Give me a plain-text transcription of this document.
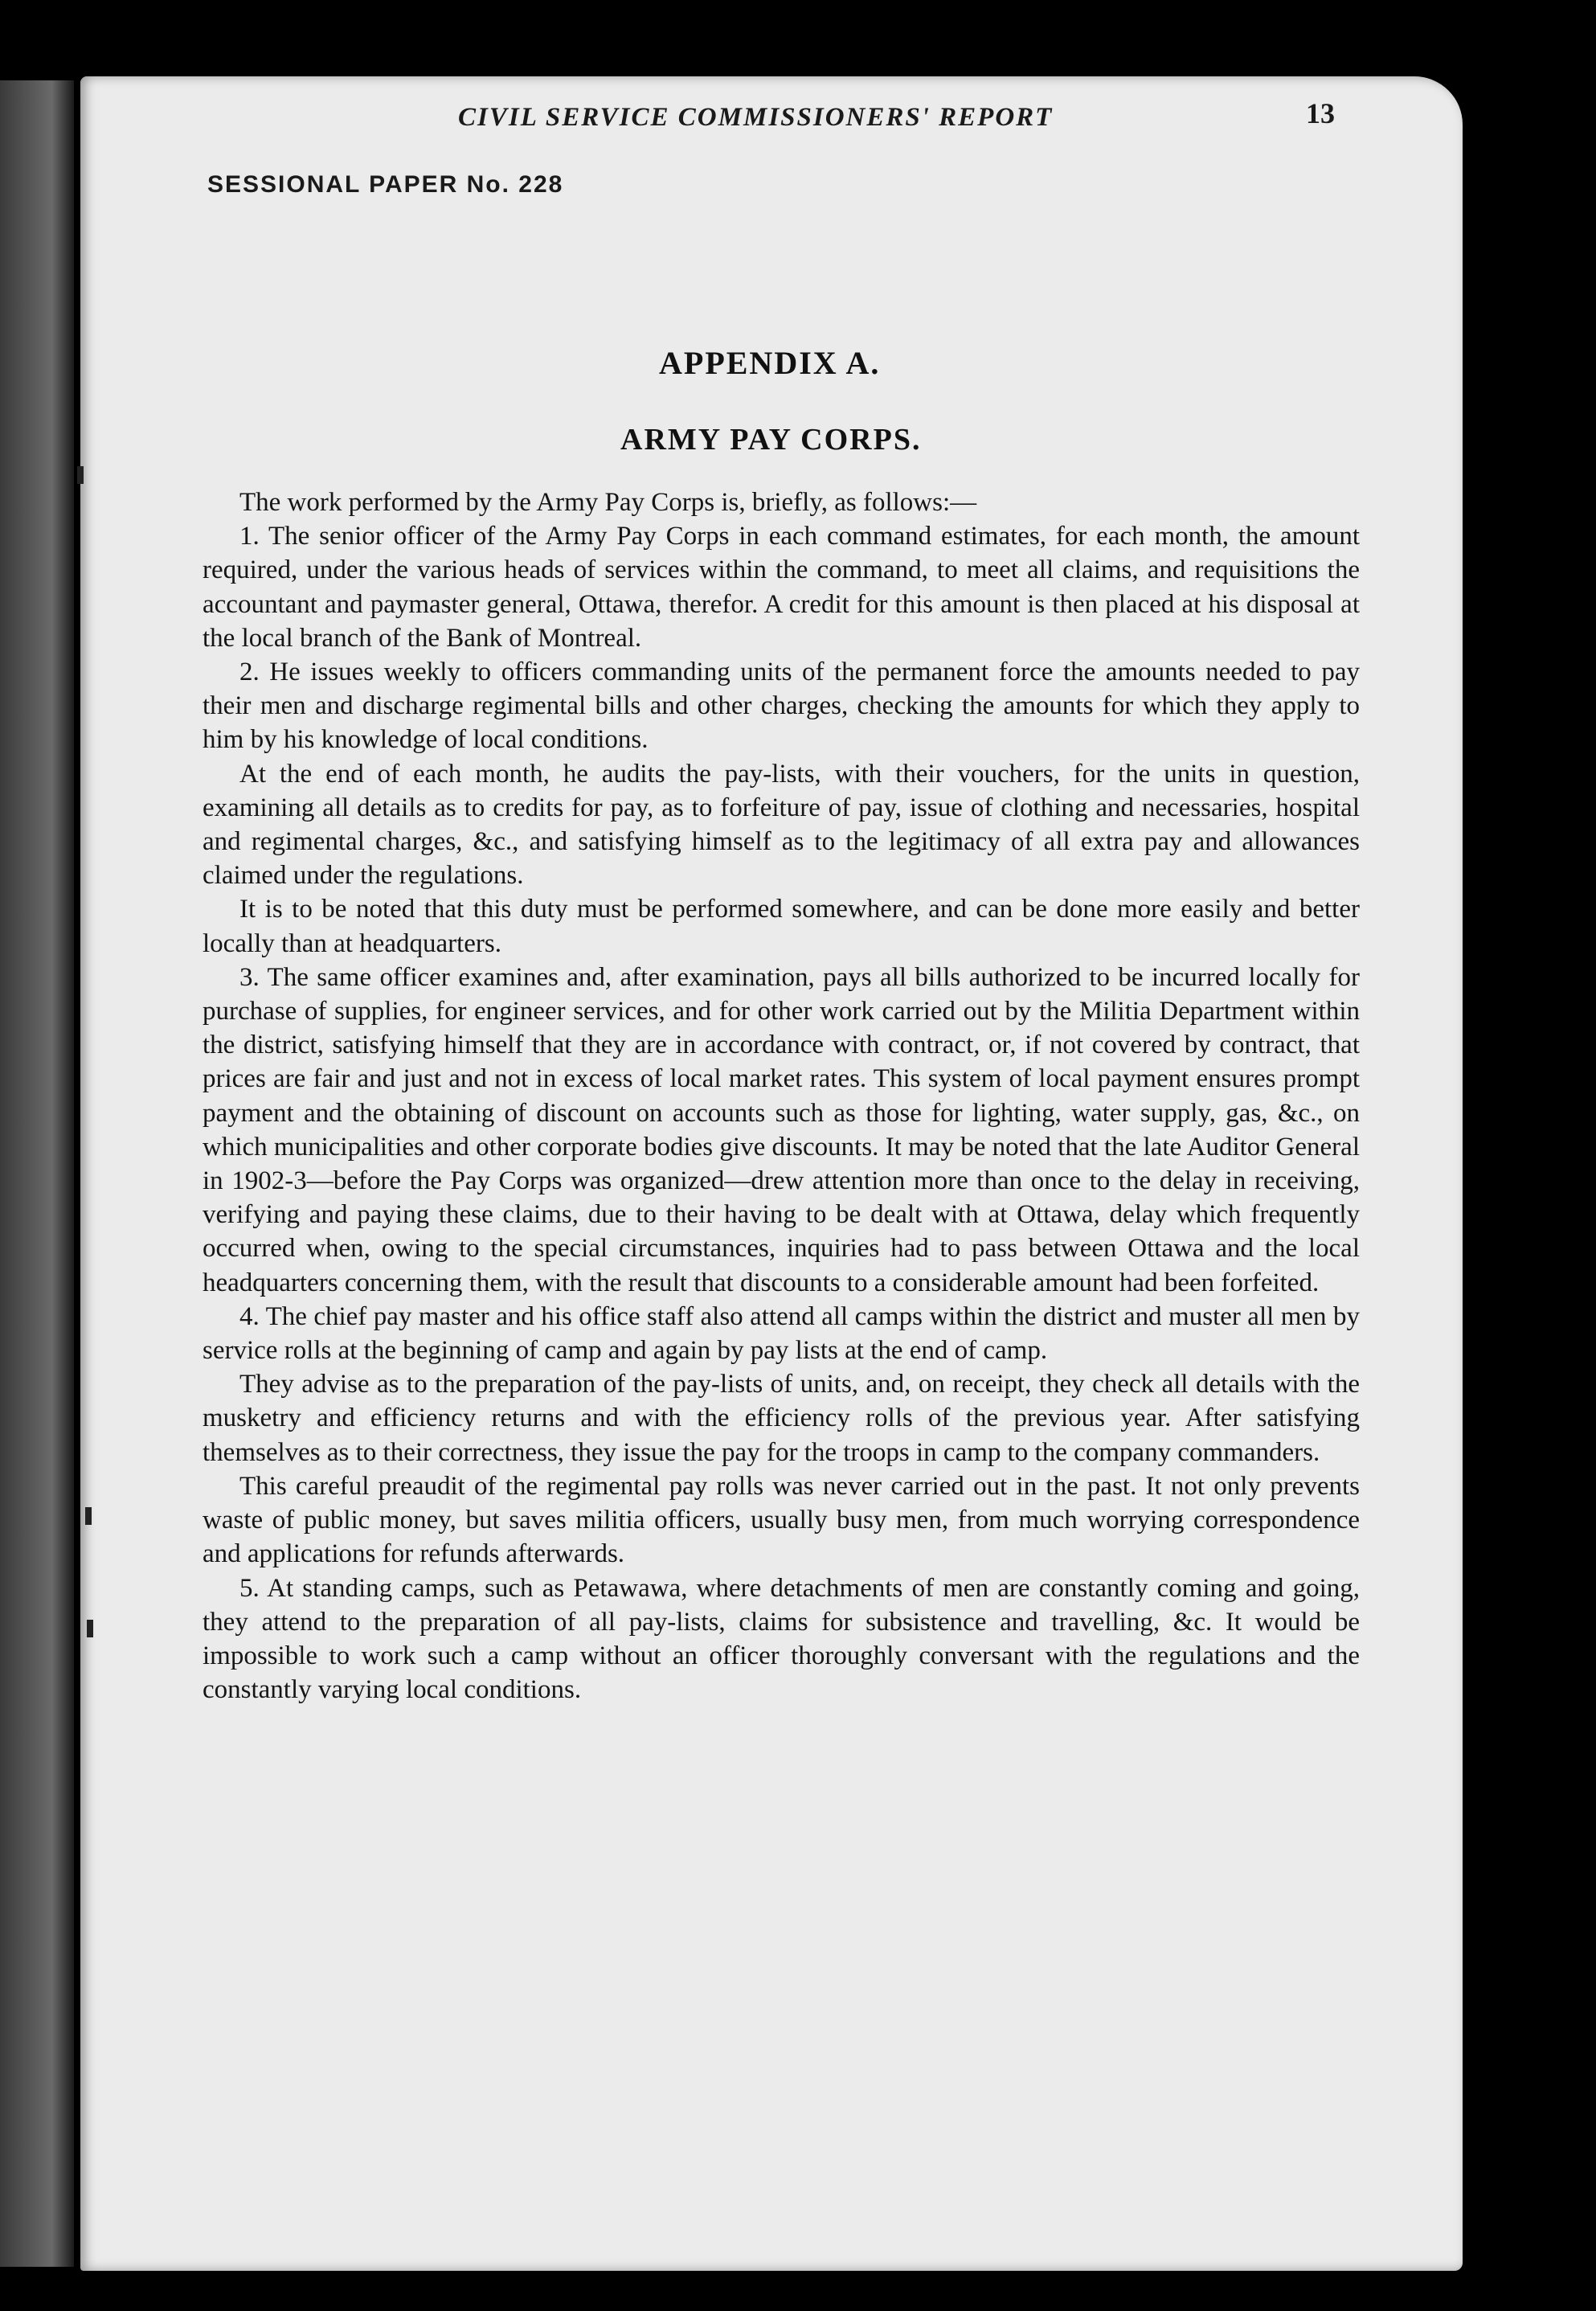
CIVIL SERVICE COMMISSIONERS' REPORT	13
SESSIONAL PAPER No. 228
APPENDIX A.
ARMY PAY CORPS.

The work performed by the Army Pay Corps is, briefly, as follows:—

1. The senior officer of the Army Pay Corps in each command estimates, for each month, the amount required, under the various heads of services within the command, to meet all claims, and requisitions the accountant and paymaster general, Ottawa, therefor. A credit for this amount is then placed at his disposal at the local branch of the Bank of Montreal.

2. He issues weekly to officers commanding units of the permanent force the amounts needed to pay their men and discharge regimental bills and other charges, checking the amounts for which they apply to him by his knowledge of local conditions.

At the end of each month, he audits the pay-lists, with their vouchers, for the units in question, examining all details as to credits for pay, as to forfeiture of pay, issue of clothing and necessaries, hospital and regimental charges, &c., and satisfying himself as to the legitimacy of all extra pay and allowances claimed under the regulations.

It is to be noted that this duty must be performed somewhere, and can be done more easily and better locally than at headquarters.

3. The same officer examines and, after examination, pays all bills authorized to be incurred locally for purchase of supplies, for engineer services, and for other work carried out by the Militia Department within the district, satisfying himself that they are in accordance with contract, or, if not covered by contract, that prices are fair and just and not in excess of local market rates. This system of local payment ensures prompt payment and the obtaining of discount on accounts such as those for lighting, water supply, gas, &c., on which municipalities and other corporate bodies give discounts. It may be noted that the late Auditor General in 1902-3—before the Pay Corps was organized—drew attention more than once to the delay in receiving, verifying and paying these claims, due to their having to be dealt with at Ottawa, delay which frequently occurred when, owing to the special circumstances, inquiries had to pass between Ottawa and the local headquarters concerning them, with the result that discounts to a considerable amount had been forfeited.

4. The chief pay master and his office staff also attend all camps within the district and muster all men by service rolls at the beginning of camp and again by pay lists at the end of camp.

They advise as to the preparation of the pay-lists of units, and, on receipt, they check all details with the musketry and efficiency returns and with the efficiency rolls of the previous year. After satisfying themselves as to their correctness, they issue the pay for the troops in camp to the company commanders.

This careful preaudit of the regimental pay rolls was never carried out in the past. It not only prevents waste of public money, but saves militia officers, usually busy men, from much worrying correspondence and applications for refunds afterwards.

5. At standing camps, such as Petawawa, where detachments of men are constantly coming and going, they attend to the preparation of all pay-lists, claims for subsistence and travelling, &c. It would be impossible to work such a camp without an officer thoroughly conversant with the regulations and the constantly varying local conditions.
